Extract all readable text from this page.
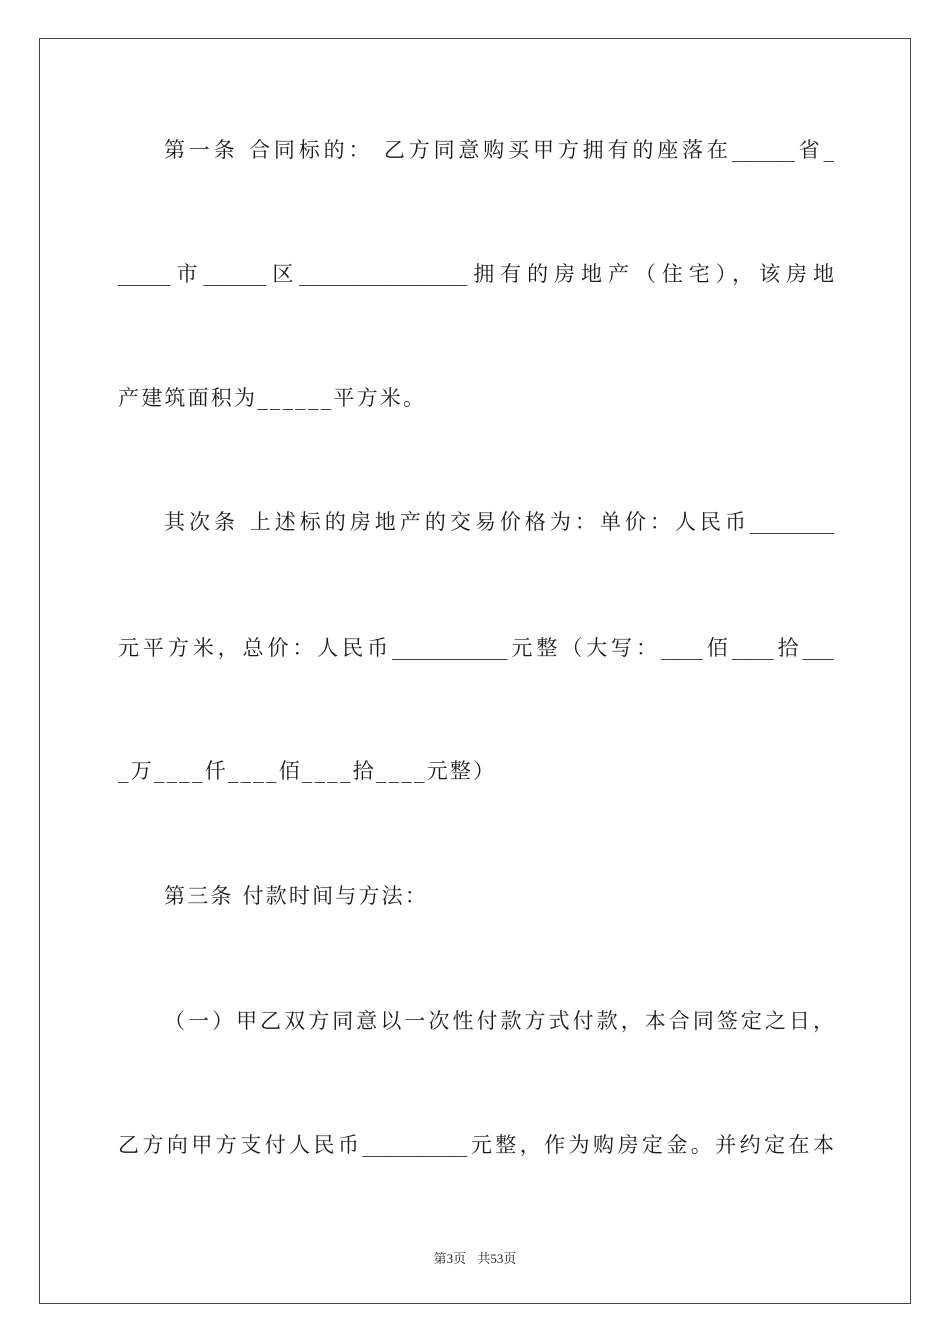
第一条 合同标的： 乙方同意购买甲方拥有的座落在______省_
_____市______区________________拥有的房地产（住宅），该房地
产建筑面积为______平方米。
其次条 上述标的房地产的交易价格为：单价：人民币________
元平方米，总价：人民币___________元整（大写：____佰____拾___
_万____仟____佰____拾____元整）
第三条 付款时间与方法：
（一）甲乙双方同意以一次性付款方式付款，本合同签定之日，
乙方向甲方支付人民币__________元整，作为购房定金。并约定在本
第3页 共53页
